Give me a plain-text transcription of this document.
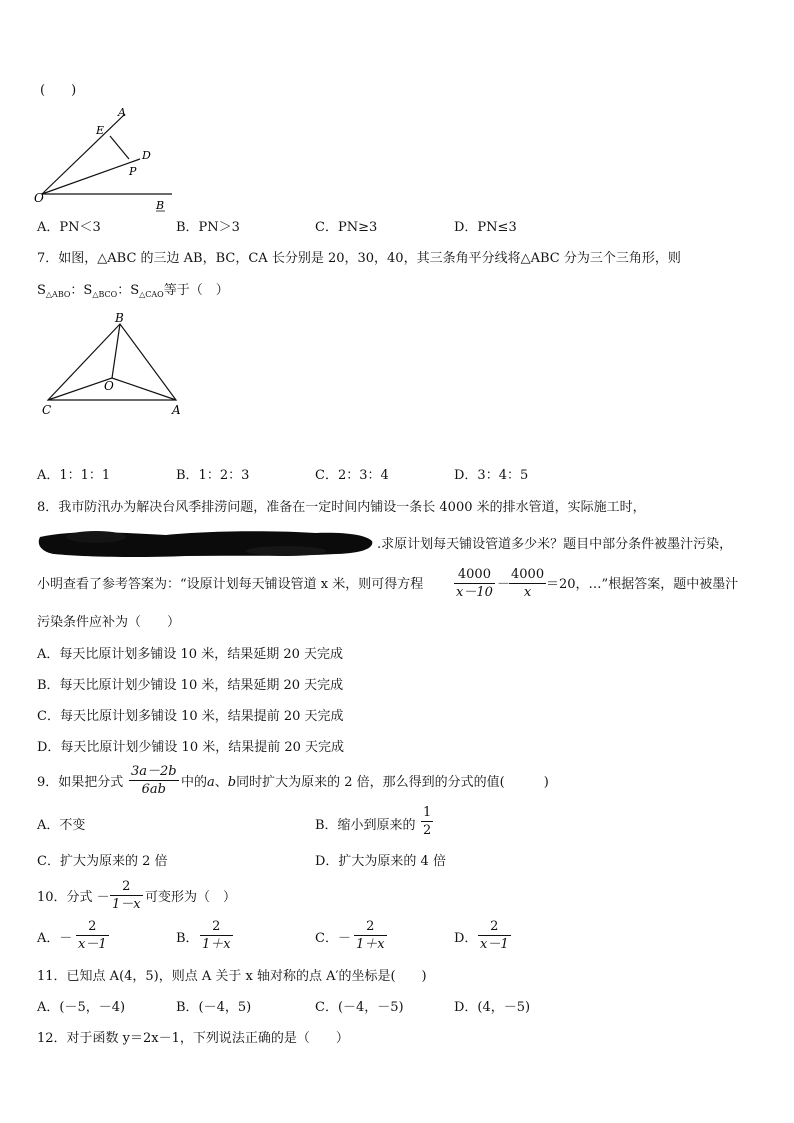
(　　)
A
E
D
P
O
B
A．PN＜3	B．PN＞3	C．PN≥3	D．PN≤3
7．如图，△ABC 的三边 AB，BC，CA 长分别是 20，30，40，其三条角平分线将△ABC 分为三个三角形，则
$S_{\triangle ABO}$：$S_{\triangle BCO}$：$S_{\triangle CAO}$等于（　）
B
O
C	A
A．1：1：1	B．1：2：3	C．2：3：4	D．3：4：5
8．我市防汛办为解决台风季排涝问题，准备在一定时间内铺设一条长 4000 米的排水管道，实际施工时，
.求原计划每天铺设管道多少米？题目中部分条件被墨汁污染，
小明查看了参考答案为：“设原计划每天铺设管道 x 米，则可得方程 $\frac{4000}{x-10}$ －
$\frac{4000}{x} =20$，…”根据答案，题中被墨汁
污染条件应补为（　　）
A．每天比原计划多铺设 10 米，结果延期 20 天完成
B．每天比原计划少铺设 10 米，结果延期 20 天完成
C．每天比原计划多铺设 10 米，结果提前 20 天完成
D．每天比原计划少铺设 10 米，结果提前 20 天完成
9．如果把分式 $\frac{3a-2b}{6ab}$ 中的a、b同时扩大为原来的 2 倍，那么得到的分式的值(　　　)
A．不变	B．缩小到原来的 $\frac{1}{2}$
C．扩大为原来的 2 倍	D．扩大为原来的 4 倍
10．分式 － $\frac{2}{1-x}$ 可变形为（　）
A．－ $\frac{2}{x-1}$	B． $\frac{2}{1+x}$	C．－ $\frac{2}{1+x}$	D． $\frac{2}{x-1}$
11．已知点 A(4，5)，则点 A 关于 x 轴对称的点 A′的坐标是(　　)
A．(－5，－4)	B．(－4，5)	C．(－4，－5)	D．(4，－5)
12．对于函数 y＝2x－1，下列说法正确的是（　　）
